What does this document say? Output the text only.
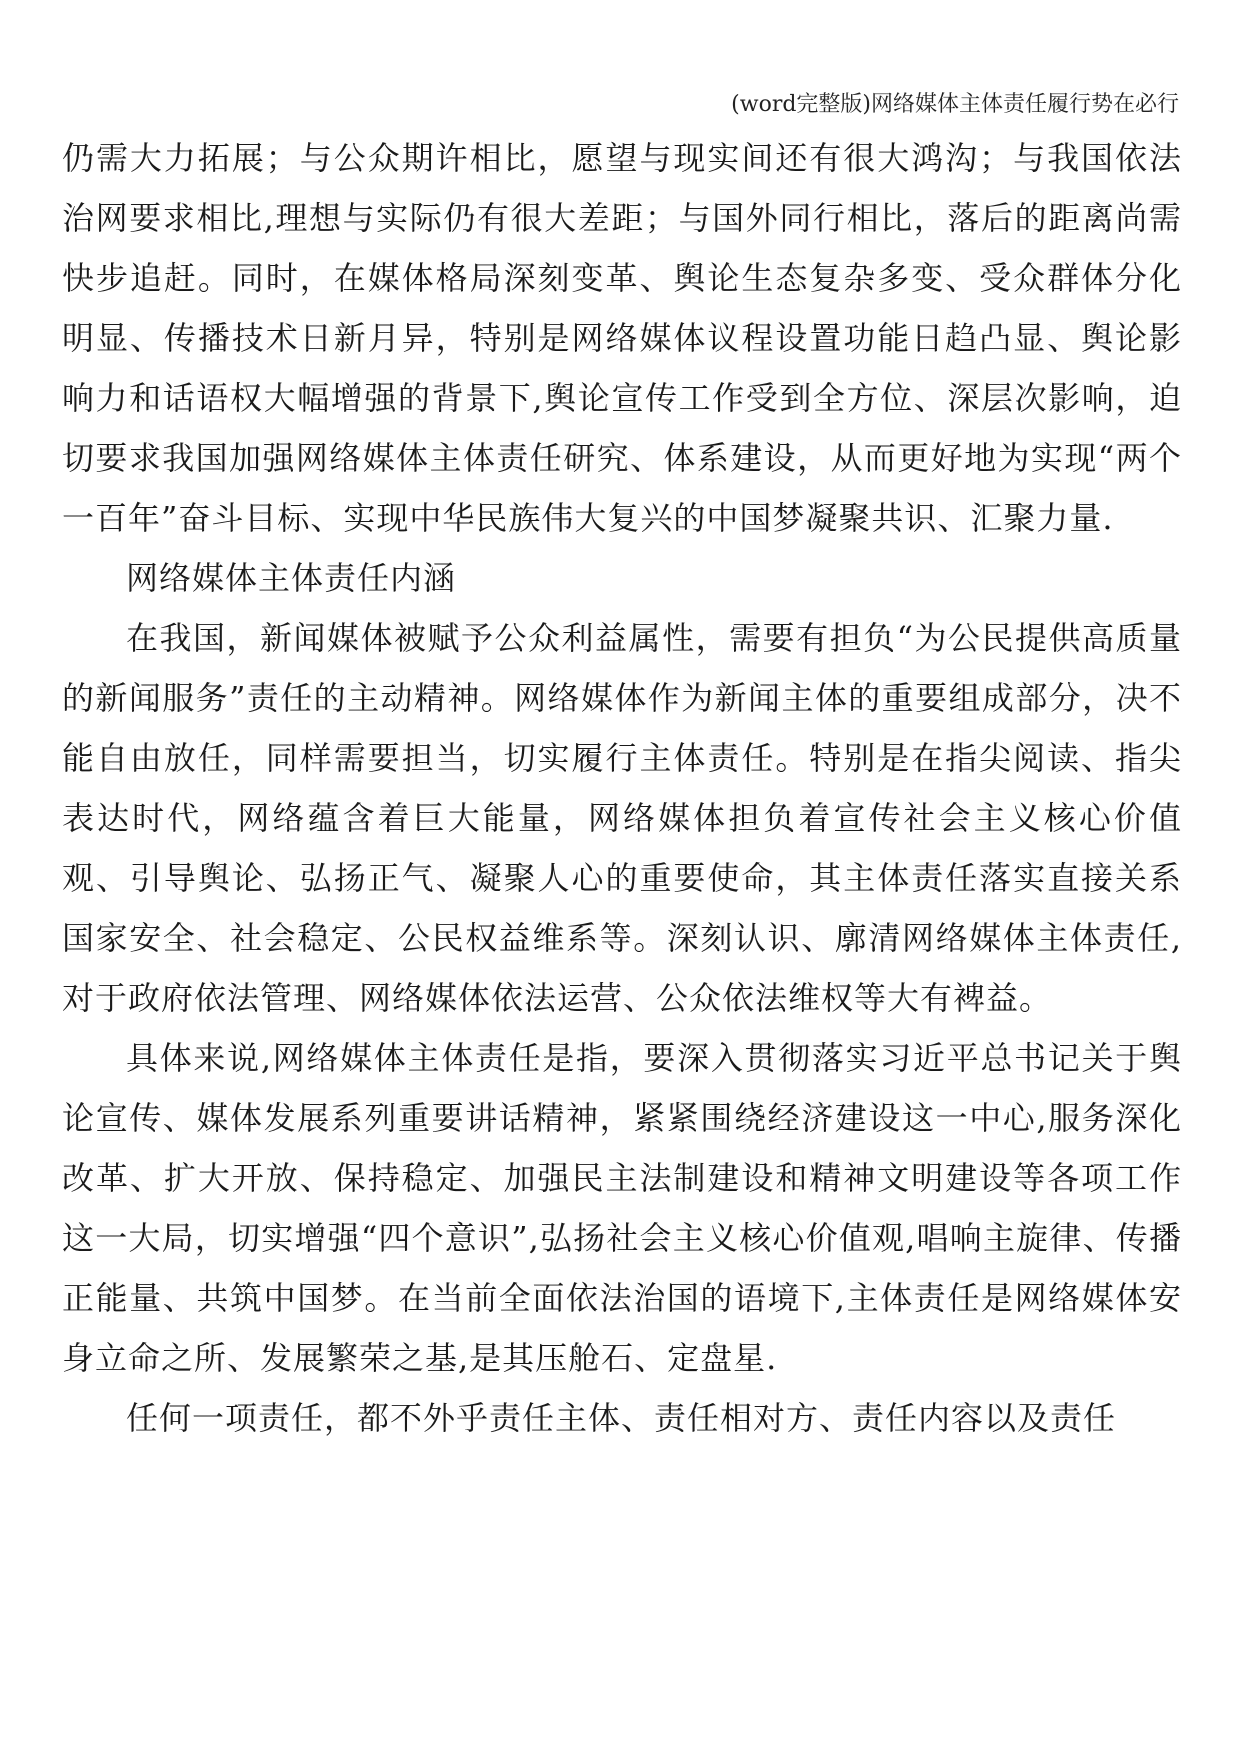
(word完整版)网络媒体主体责任履行势在必行

仍需大力拓展；与公众期许相比，愿望与现实间还有很大鸿沟；与我国依法治网要求相比,理想与实际仍有很大差距；与国外同行相比，落后的距离尚需快步追赶。同时，在媒体格局深刻变革、舆论生态复杂多变、受众群体分化明显、传播技术日新月异，特别是网络媒体议程设置功能日趋凸显、舆论影响力和话语权大幅增强的背景下,舆论宣传工作受到全方位、深层次影响，迫切要求我国加强网络媒体主体责任研究、体系建设，从而更好地为实现“两个一百年”奋斗目标、实现中华民族伟大复兴的中国梦凝聚共识、汇聚力量.

网络媒体主体责任内涵

在我国，新闻媒体被赋予公众利益属性，需要有担负“为公民提供高质量的新闻服务”责任的主动精神。网络媒体作为新闻主体的重要组成部分，决不能自由放任，同样需要担当，切实履行主体责任。特别是在指尖阅读、指尖表达时代，网络蕴含着巨大能量，网络媒体担负着宣传社会主义核心价值观、引导舆论、弘扬正气、凝聚人心的重要使命，其主体责任落实直接关系国家安全、社会稳定、公民权益维系等。深刻认识、廓清网络媒体主体责任,对于政府依法管理、网络媒体依法运营、公众依法维权等大有裨益。

具体来说,网络媒体主体责任是指，要深入贯彻落实习近平总书记关于舆论宣传、媒体发展系列重要讲话精神，紧紧围绕经济建设这一中心,服务深化改革、扩大开放、保持稳定、加强民主法制建设和精神文明建设等各项工作这一大局，切实增强“四个意识”,弘扬社会主义核心价值观,唱响主旋律、传播正能量、共筑中国梦。在当前全面依法治国的语境下,主体责任是网络媒体安身立命之所、发展繁荣之基,是其压舱石、定盘星.

任何一项责任，都不外乎责任主体、责任相对方、责任内容以及责任
